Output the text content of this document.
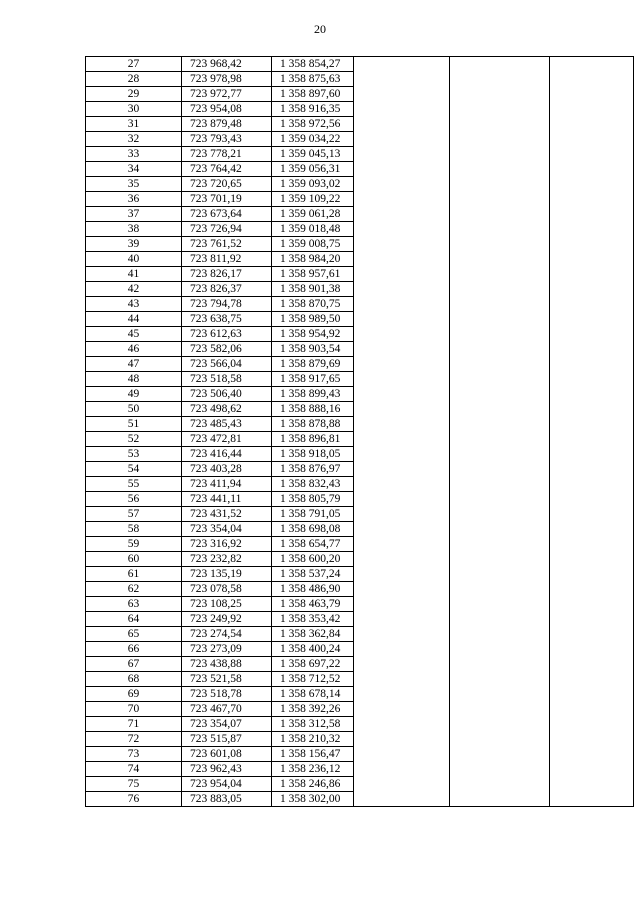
20
27	723 968,42	1 358 854,27			
28	723 978,98	1 358 875,63			
29	723 972,77	1 358 897,60			
30	723 954,08	1 358 916,35			
31	723 879,48	1 358 972,56			
32	723 793,43	1 359 034,22			
33	723 778,21	1 359 045,13			
34	723 764,42	1 359 056,31			
35	723 720,65	1 359 093,02			
36	723 701,19	1 359 109,22			
37	723 673,64	1 359 061,28			
38	723 726,94	1 359 018,48			
39	723 761,52	1 359 008,75			
40	723 811,92	1 358 984,20			
41	723 826,17	1 358 957,61			
42	723 826,37	1 358 901,38			
43	723 794,78	1 358 870,75			
44	723 638,75	1 358 989,50			
45	723 612,63	1 358 954,92			
46	723 582,06	1 358 903,54			
47	723 566,04	1 358 879,69			
48	723 518,58	1 358 917,65			
49	723 506,40	1 358 899,43			
50	723 498,62	1 358 888,16			
51	723 485,43	1 358 878,88			
52	723 472,81	1 358 896,81			
53	723 416,44	1 358 918,05			
54	723 403,28	1 358 876,97			
55	723 411,94	1 358 832,43			
56	723 441,11	1 358 805,79			
57	723 431,52	1 358 791,05			
58	723 354,04	1 358 698,08			
59	723 316,92	1 358 654,77			
60	723 232,82	1 358 600,20			
61	723 135,19	1 358 537,24			
62	723 078,58	1 358 486,90			
63	723 108,25	1 358 463,79			
64	723 249,92	1 358 353,42			
65	723 274,54	1 358 362,84			
66	723 273,09	1 358 400,24			
67	723 438,88	1 358 697,22			
68	723 521,58	1 358 712,52			
69	723 518,78	1 358 678,14			
70	723 467,70	1 358 392,26			
71	723 354,07	1 358 312,58			
72	723 515,87	1 358 210,32			
73	723 601,08	1 358 156,47			
74	723 962,43	1 358 236,12			
75	723 954,04	1 358 246,86			
76	723 883,05	1 358 302,00			
